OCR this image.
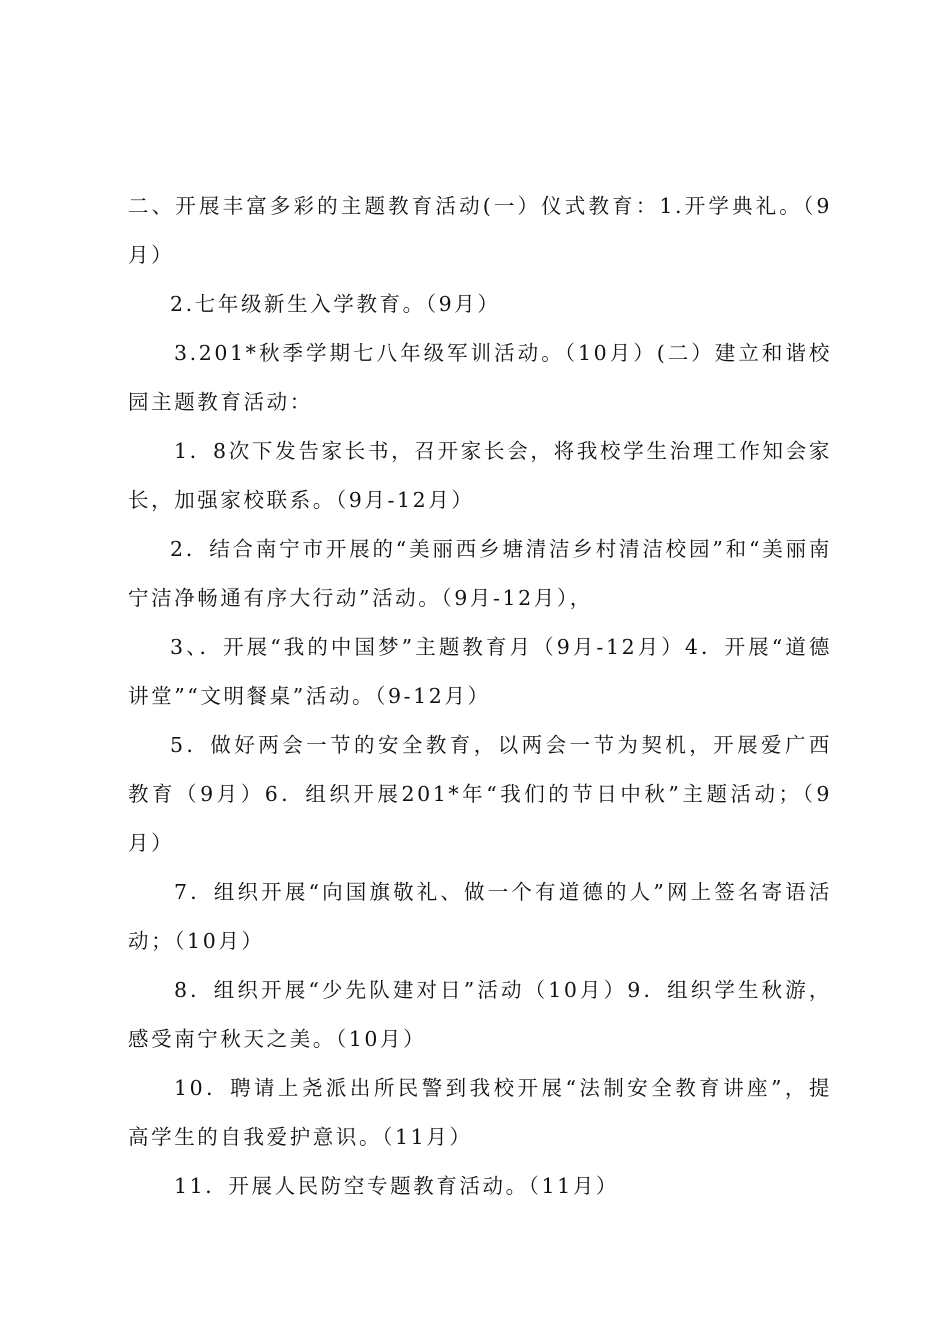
二、开展丰富多彩的主题教育活动(一）仪式教育：1.开学典礼。（9月）

2.七年级新生入学教育。（9月）

3.201*秋季学期七八年级军训活动。（10月）(二）建立和谐校园主题教育活动：

1．8次下发告家长书，召开家长会，将我校学生治理工作知会家长，加强家校联系。（9月-12月）

2．结合南宁市开展的“美丽西乡塘清洁乡村清洁校园”和“美丽南宁洁净畅通有序大行动”活动。（9月-12月），

3、．开展“我的中国梦”主题教育月（9月-12月）4．开展“道德讲堂”“文明餐桌”活动。（9-12月）

5．做好两会一节的安全教育，以两会一节为契机，开展爱广西教育（9月）6．组织开展201*年“我们的节日中秋”主题活动；（9月）

7．组织开展“向国旗敬礼、做一个有道德的人”网上签名寄语活动；（10月）

8．组织开展“少先队建对日”活动（10月）9．组织学生秋游，感受南宁秋天之美。（10月）

10．聘请上尧派出所民警到我校开展“法制安全教育讲座”，提高学生的自我爱护意识。（11月）

11．开展人民防空专题教育活动。（11月）
